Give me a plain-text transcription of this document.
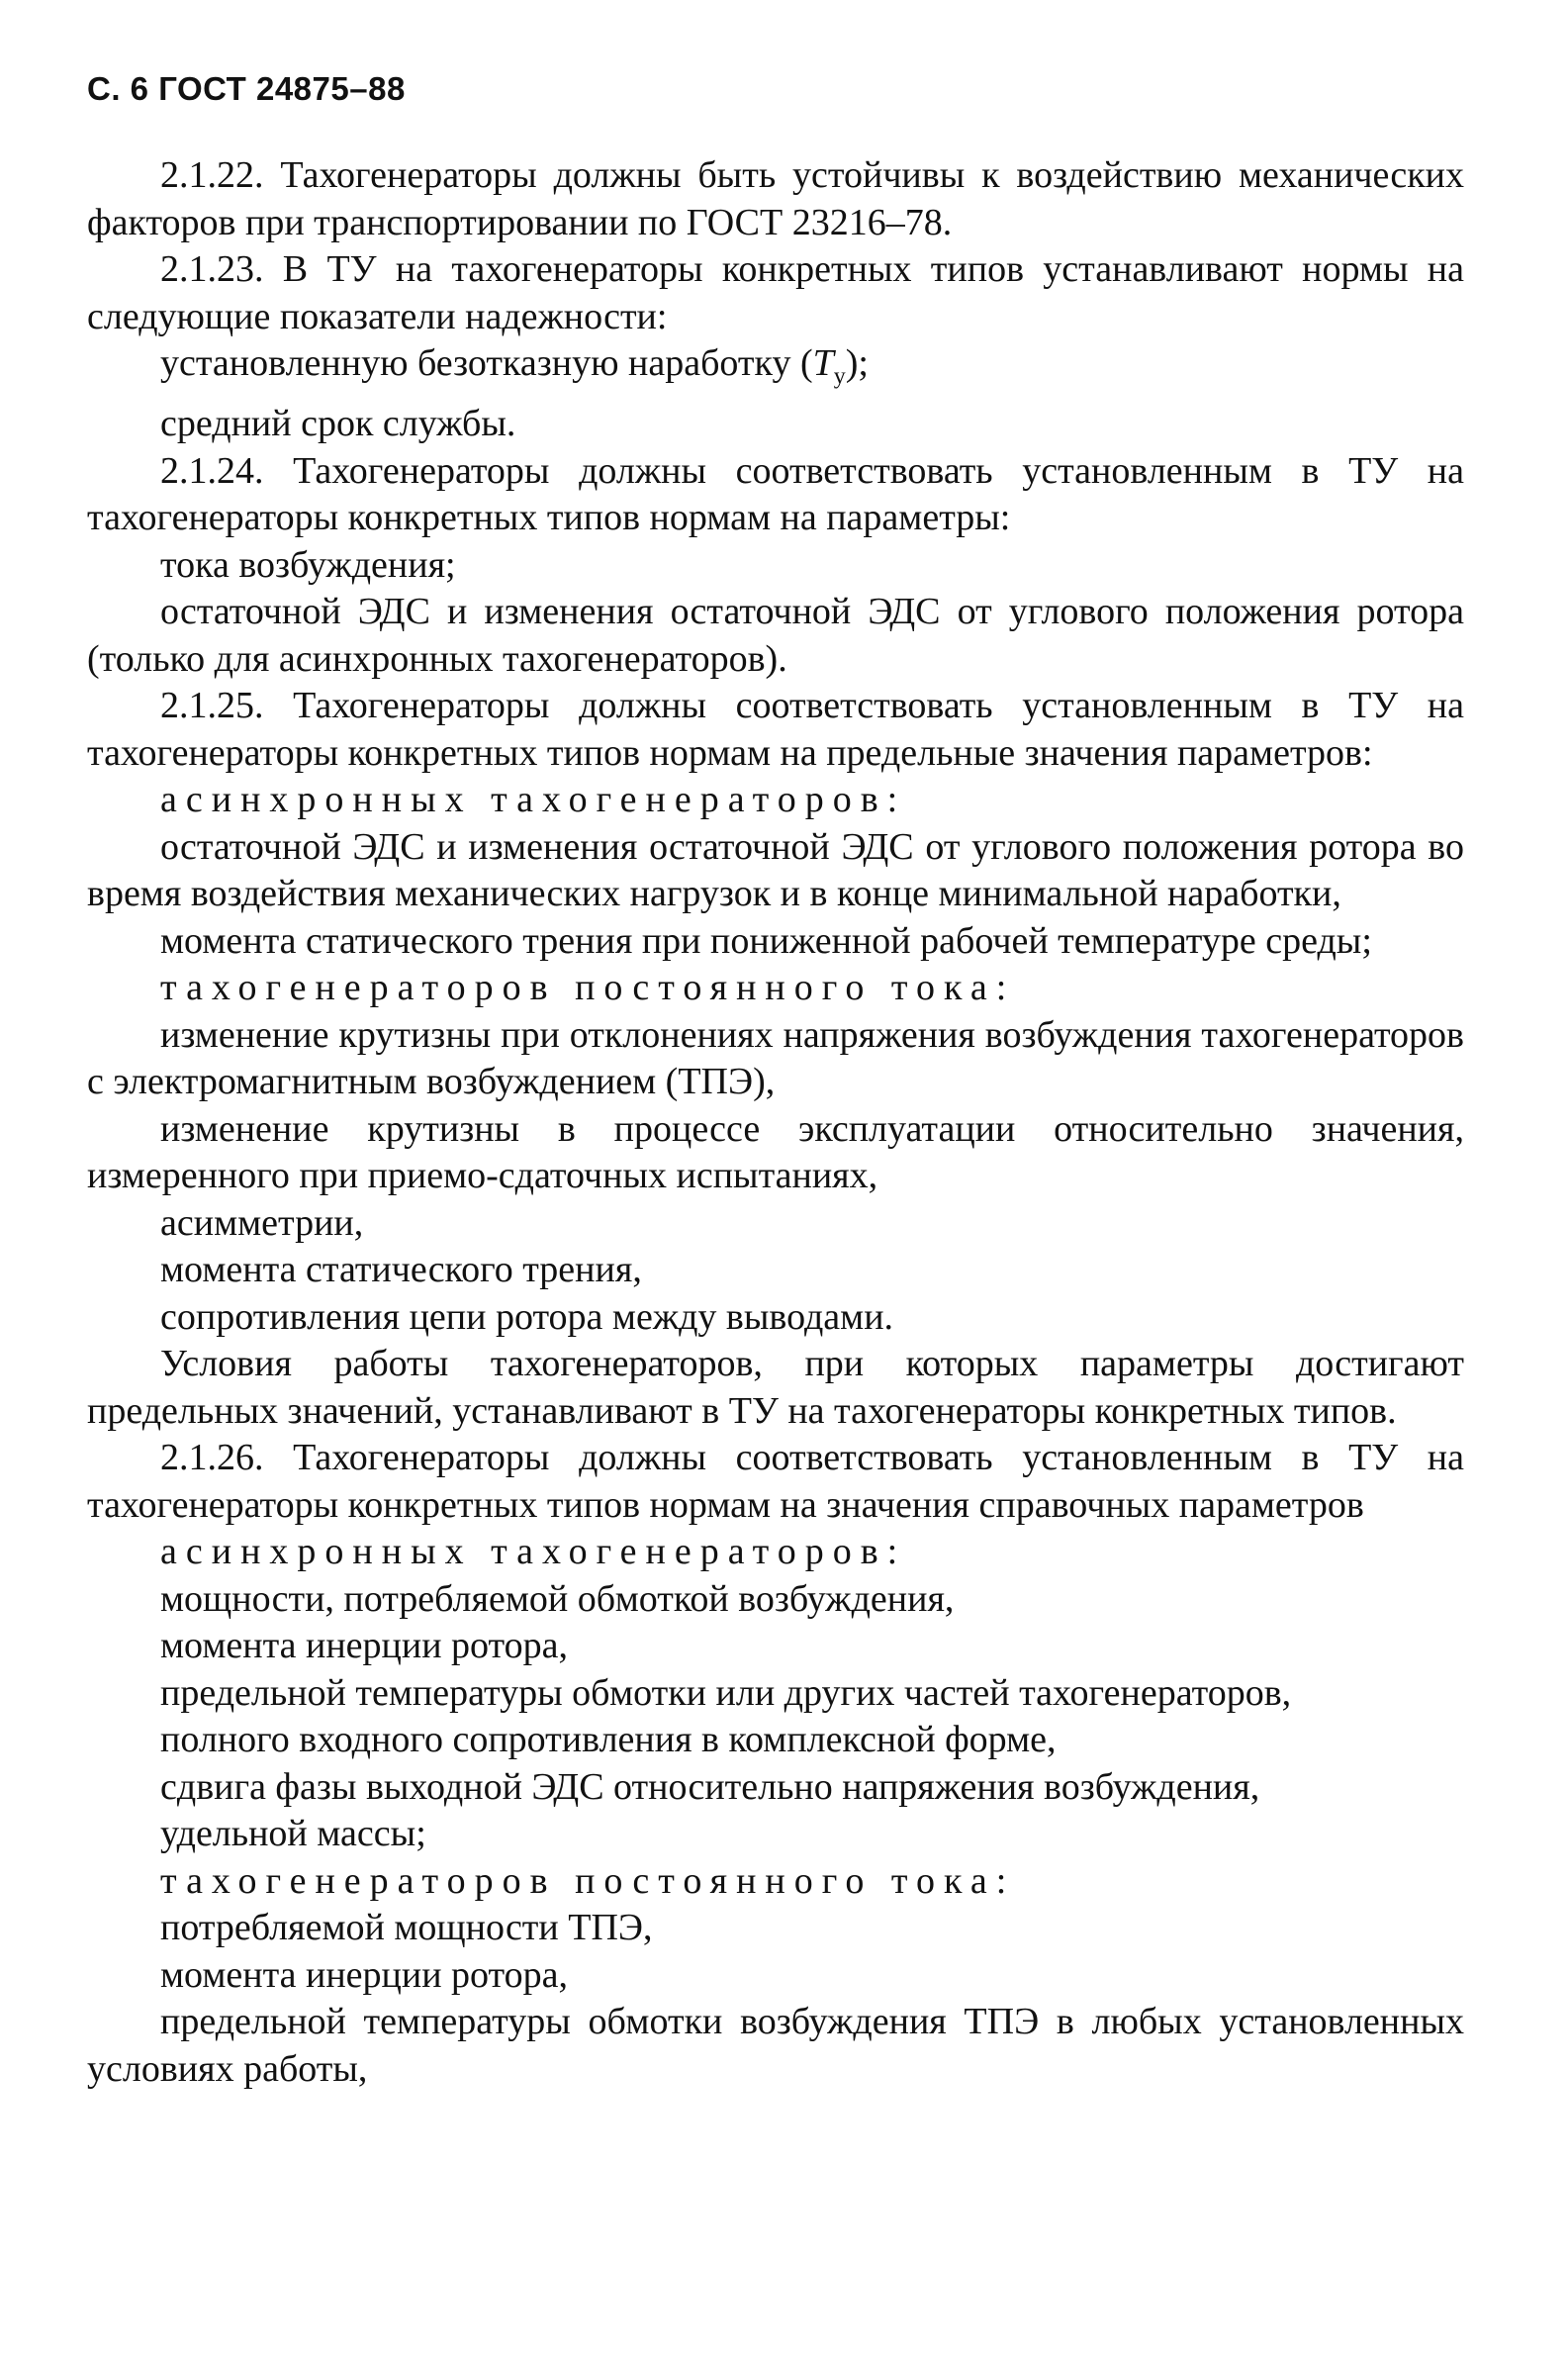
С. 6 ГОСТ 24875–88

2.1.22. Тахогенераторы должны быть устойчивы к воздействию механических факторов при транспортировании по ГОСТ 23216–78.

2.1.23. В ТУ на тахогенераторы конкретных типов устанавливают нормы на следующие показатели надежности:

установленную безотказную наработку $(T_у)$;

средний срок службы.

2.1.24. Тахогенераторы должны соответствовать установленным в ТУ на тахогенераторы конкретных типов нормам на параметры:

тока возбуждения;

остаточной ЭДС и изменения остаточной ЭДС от углового положения ротора (только для асинхронных тахогенераторов).

2.1.25. Тахогенераторы должны соответствовать установленным в ТУ на тахогенераторы конкретных типов нормам на предельные значения параметров:

асинхронных тахогенераторов:

остаточной ЭДС и изменения остаточной ЭДС от углового положения ротора во время воздействия механических нагрузок и в конце минимальной наработки,

момента статического трения при пониженной рабочей температуре среды;

тахогенераторов постоянного тока:

изменение крутизны при отклонениях напряжения возбуждения тахогенераторов с электромагнитным возбуждением (ТПЭ),

изменение крутизны в процессе эксплуатации относительно значения, измеренного при приемо-сдаточных испытаниях,

асимметрии,

момента статического трения,

сопротивления цепи ротора между выводами.

Условия работы тахогенераторов, при которых параметры достигают предельных значений, устанавливают в ТУ на тахогенераторы конкретных типов.

2.1.26. Тахогенераторы должны соответствовать установленным в ТУ на тахогенераторы конкретных типов нормам на значения справочных параметров

асинхронных тахогенераторов:

мощности, потребляемой обмоткой возбуждения,

момента инерции ротора,

предельной температуры обмотки или других частей тахогенераторов,

полного входного сопротивления в комплексной форме,

сдвига фазы выходной ЭДС относительно напряжения возбуждения,

удельной массы;

тахогенераторов постоянного тока:

потребляемой мощности ТПЭ,

момента инерции ротора,

предельной температуры обмотки возбуждения ТПЭ в любых установленных условиях работы,
